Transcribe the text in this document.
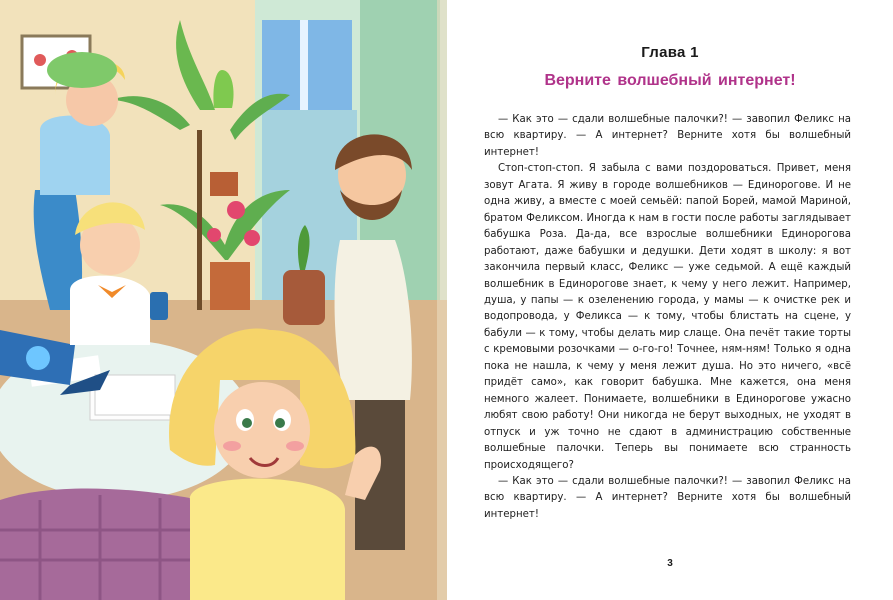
Глава 1
Верните волшебный интернет!

— Как это — сдали волшебные палочки?! — завопил Феликс на всю квартиру. — А интернет? Верните хотя бы волшебный интернет!

Стоп-стоп-стоп. Я забыла с вами поздороваться. Привет, меня зовут Агата. Я живу в городе волшебников — Единорогове. И не одна живу, а вместе с моей семьёй: папой Борей, мамой Мариной, братом Феликсом. Иногда к нам в гости после работы заглядывает бабушка Роза. Да-да, все взрослые волшебники Единорогова работают, даже бабушки и дедушки. Дети ходят в школу: я вот закончила первый класс, Феликс — уже седьмой. А ещё каждый волшебник в Единорогове знает, к чему у него лежит. Например, душа, у папы — к озеленению города, у мамы — к очистке рек и водопровода, у Феликса — к тому, чтобы блистать на сцене, у бабули — к тому, чтобы делать мир слаще. Она печёт такие торты с кремовыми розочками — о-го-го! Точнее, ням-ням! Только я одна пока не нашла, к чему у меня лежит душа. Но это ничего, «всё придёт само», как говорит бабушка. Мне кажется, она меня немного жалеет. Понимаете, волшебники в Единорогове ужасно любят свою работу! Они никогда не берут выходных, не уходят в отпуск и уж точно не сдают в администрацию собственные волшебные палочки. Теперь вы понимаете всю странность происходящего?

— Как это — сдали волшебные палочки?! — завопил Феликс на всю квартиру. — А интернет? Верните хотя бы волшебный интернет!

3
